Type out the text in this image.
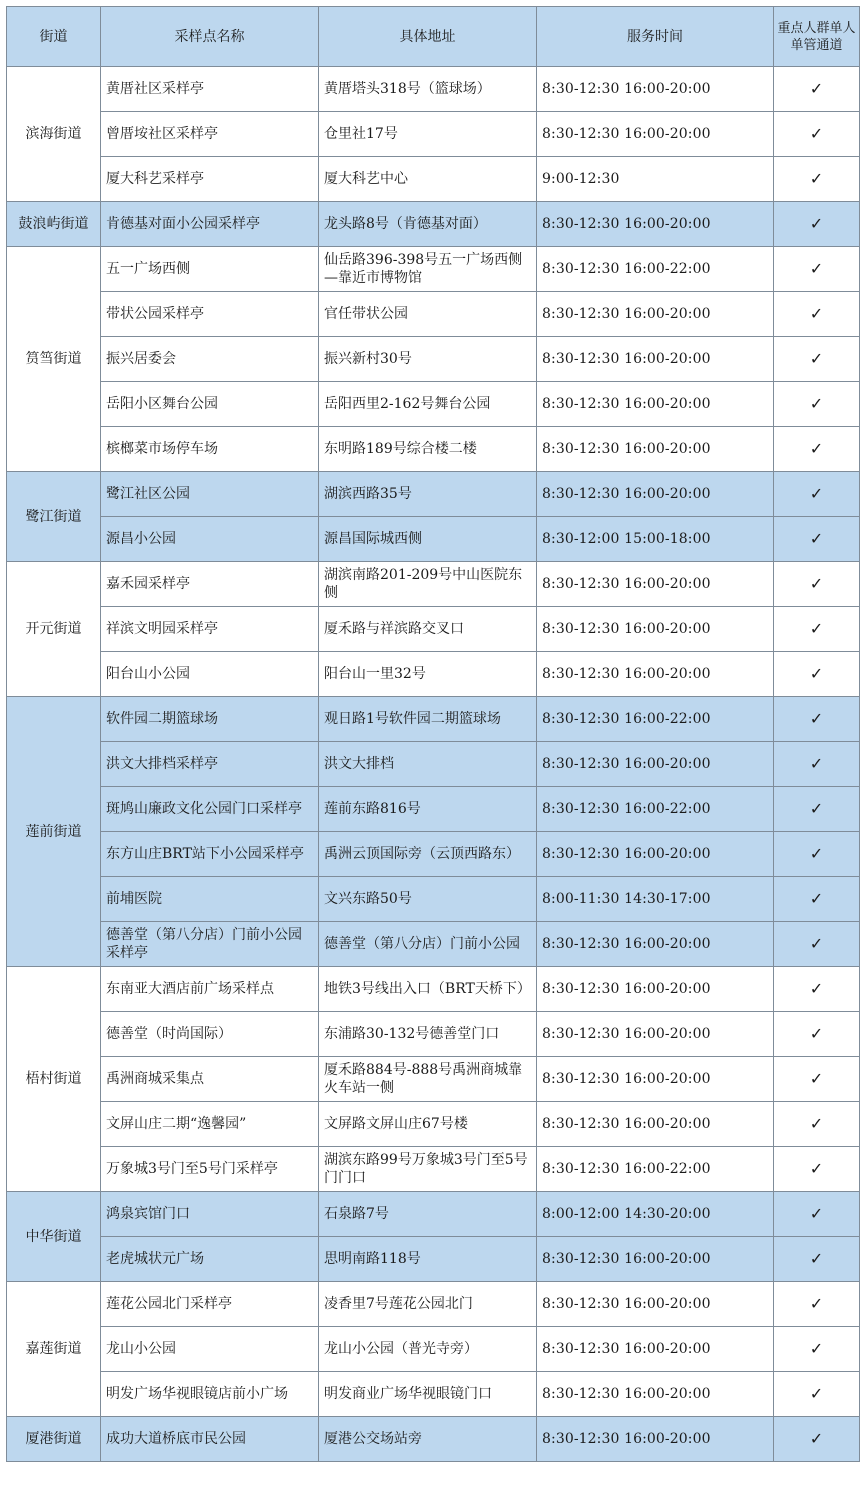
街道	采样点名称	具体地址	服务时间	重点人群单人单管通道
滨海街道	黄厝社区采样亭	黄厝塔头318号（篮球场）	8:30-12:30 16:00-20:00	✓
	曾厝垵社区采样亭	仓里社17号	8:30-12:30 16:00-20:00	✓
	厦大科艺采样亭	厦大科艺中心	9:00-12:30	✓
鼓浪屿街道	肯德基对面小公园采样亭	龙头路8号（肯德基对面）	8:30-12:30 16:00-20:00	✓
筼筜街道	五一广场西侧	仙岳路396-398号五一广场西侧—靠近市博物馆	8:30-12:30 16:00-22:00	✓
	带状公园采样亭	官任带状公园	8:30-12:30 16:00-20:00	✓
	振兴居委会	振兴新村30号	8:30-12:30 16:00-20:00	✓
	岳阳小区舞台公园	岳阳西里2-162号舞台公园	8:30-12:30 16:00-20:00	✓
	槟榔菜市场停车场	东明路189号综合楼二楼	8:30-12:30 16:00-20:00	✓
鹭江街道	鹭江社区公园	湖滨西路35号	8:30-12:30 16:00-20:00	✓
	源昌小公园	源昌国际城西侧	8:30-12:00 15:00-18:00	✓
开元街道	嘉禾园采样亭	湖滨南路201-209号中山医院东侧	8:30-12:30 16:00-20:00	✓
	祥滨文明园采样亭	厦禾路与祥滨路交叉口	8:30-12:30 16:00-20:00	✓
	阳台山小公园	阳台山一里32号	8:30-12:30 16:00-20:00	✓
莲前街道	软件园二期篮球场	观日路1号软件园二期篮球场	8:30-12:30 16:00-22:00	✓
	洪文大排档采样亭	洪文大排档	8:30-12:30 16:00-20:00	✓
	斑鸠山廉政文化公园门口采样亭	莲前东路816号	8:30-12:30 16:00-22:00	✓
	东方山庄BRT站下小公园采样亭	禹洲云顶国际旁（云顶西路东）	8:30-12:30 16:00-20:00	✓
	前埔医院	文兴东路50号	8:00-11:30 14:30-17:00	✓
	德善堂（第八分店）门前小公园采样亭	德善堂（第八分店）门前小公园	8:30-12:30 16:00-20:00	✓
梧村街道	东南亚大酒店前广场采样点	地铁3号线出入口（BRT天桥下）	8:30-12:30 16:00-20:00	✓
	德善堂（时尚国际）	东浦路30-132号德善堂门口	8:30-12:30 16:00-20:00	✓
	禹洲商城采集点	厦禾路884号-888号禹洲商城靠火车站一侧	8:30-12:30 16:00-20:00	✓
	文屏山庄二期“逸馨园”	文屏路文屏山庄67号楼	8:30-12:30 16:00-20:00	✓
	万象城3号门至5号门采样亭	湖滨东路99号万象城3号门至5号门门口	8:30-12:30 16:00-22:00	✓
中华街道	鸿泉宾馆门口	石泉路7号	8:00-12:00 14:30-20:00	✓
	老虎城状元广场	思明南路118号	8:30-12:30 16:00-20:00	✓
嘉莲街道	莲花公园北门采样亭	凌香里7号莲花公园北门	8:30-12:30 16:00-20:00	✓
	龙山小公园	龙山小公园（普光寺旁）	8:30-12:30 16:00-20:00	✓
	明发广场华视眼镜店前小广场	明发商业广场华视眼镜门口	8:30-12:30 16:00-20:00	✓
厦港街道	成功大道桥底市民公园	厦港公交场站旁	8:30-12:30 16:00-20:00	✓
